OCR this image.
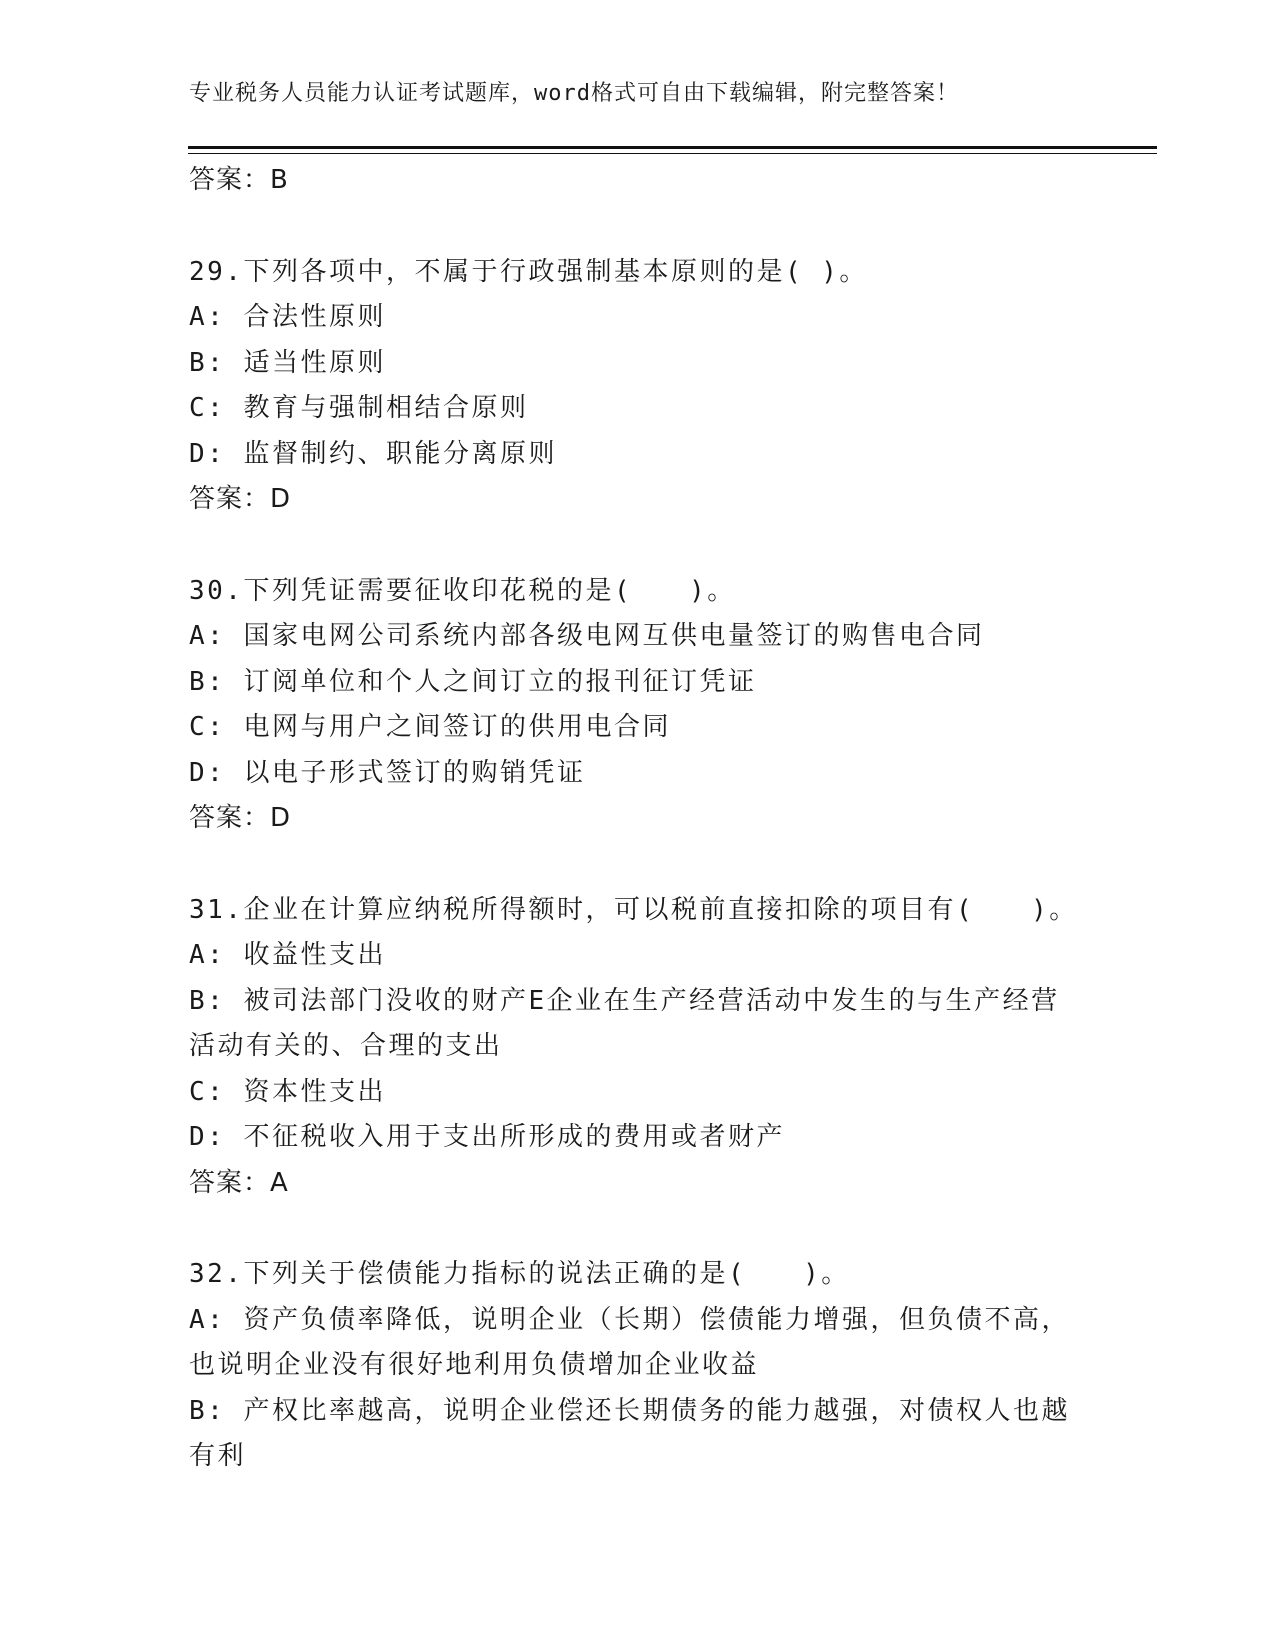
专业税务人员能力认证考试题库，word格式可自由下载编辑，附完整答案！
答案：B
29.下列各项中，不属于行政强制基本原则的是( )。
A: 合法性原则
B: 适当性原则
C: 教育与强制相结合原则
D: 监督制约、职能分离原则
答案：D
30.下列凭证需要征收印花税的是(　　)。
A: 国家电网公司系统内部各级电网互供电量签订的购售电合同
B: 订阅单位和个人之间订立的报刊征订凭证
C: 电网与用户之间签订的供用电合同
D: 以电子形式签订的购销凭证
答案：D
31.企业在计算应纳税所得额时，可以税前直接扣除的项目有(　　)。
A: 收益性支出
B: 被司法部门没收的财产E企业在生产经营活动中发生的与生产经营
活动有关的、合理的支出
C: 资本性支出
D: 不征税收入用于支出所形成的费用或者财产
答案：A
32.下列关于偿债能力指标的说法正确的是(　　)。
A: 资产负债率降低，说明企业（长期）偿债能力增强，但负债不高，
也说明企业没有很好地利用负债增加企业收益
B: 产权比率越高，说明企业偿还长期债务的能力越强，对债权人也越
有利
